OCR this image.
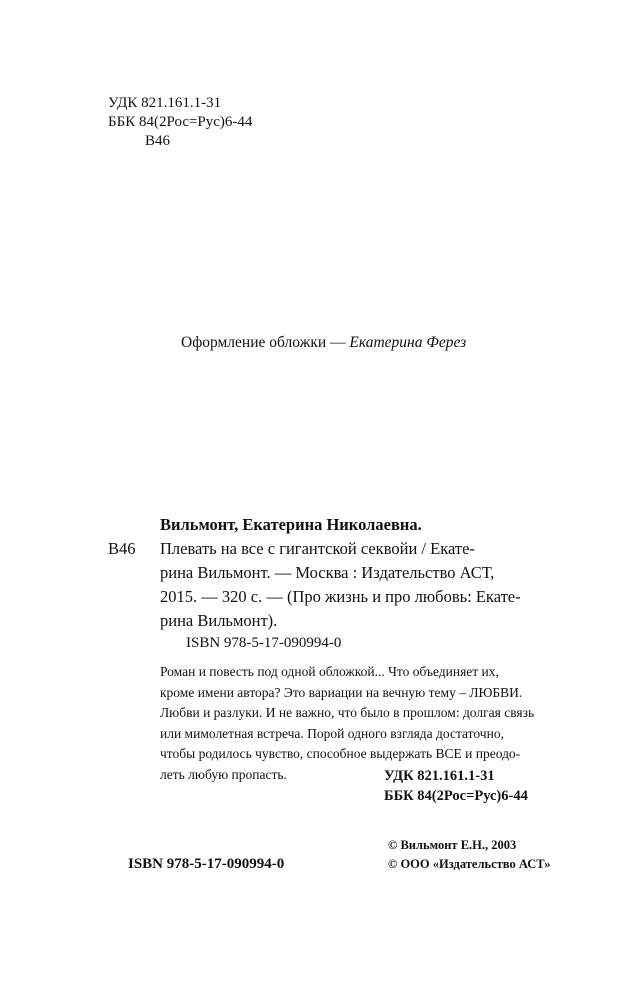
УДК 821.161.1-31
ББК 84(2Рос=Рус)6-44
В46
Оформление обложки — Екатерина Ферез
Вильмонт, Екатерина Николаевна.
В46 Плевать на все с гигантской секвойи / Екате-
рина Вильмонт. — Москва : Издательство АСТ,
2015. — 320 с. — (Про жизнь и про любовь: Екате-
рина Вильмонт).
ISBN 978-5-17-090994-0
Роман и повесть под одной обложкой... Что объединяет их,
кроме имени автора? Это вариации на вечную тему – ЛЮБВИ.
Любви и разлуки. И не важно, что было в прошлом: долгая связь
или мимолетная встреча. Порой одного взгляда достаточно,
чтобы родилось чувство, способное выдержать ВСЕ и преодо-
леть любую пропасть.	УДК 821.161.1-31
ББК 84(2Рос=Рус)6-44
© Вильмонт Е.Н., 2003
© ООО «Издательство АСТ»
ISBN 978-5-17-090994-0
